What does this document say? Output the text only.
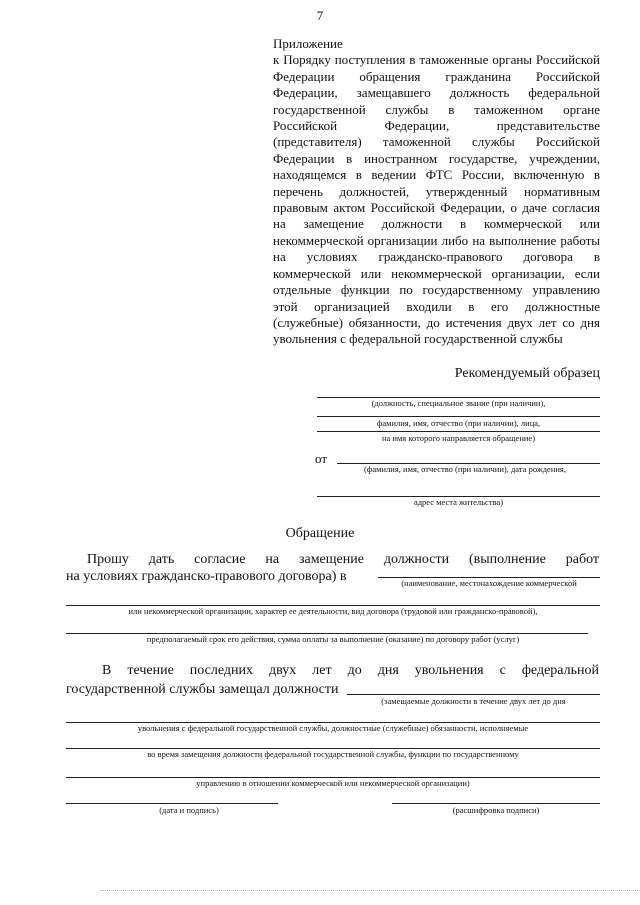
7
Приложение
к Порядку поступления в таможенные органы Российской Федерации обращения гражданина Российской Федерации, замещавшего должность федеральной государственной службы в таможенном органе Российской Федерации, представительстве (представителя) таможенной службы Российской Федерации в иностранном государстве, учреждении, находящемся в ведении ФТС России, включенную в перечень должностей, утвержденный нормативным правовым актом Российской Федерации, о даче согласия на замещение должности в коммерческой или некоммерческой организации либо на выполнение работы на условиях гражданско-правового договора в коммерческой или некоммерческой организации, если отдельные функции по государственному управлению этой организацией входили в его должностные (служебные) обязанности, до истечения двух лет со дня увольнения с федеральной государственной службы
Рекомендуемый образец
(должность, специальное звание (при наличии),
фамилия, имя, отчество (при наличии), лица,
на имя которого направляется обращение)
от
(фамилия, имя, отчество (при наличии), дата рождения,
адрес места жительства)
Обращение
Прошу дать согласие на замещение должности (выполнение работ
на условиях гражданско-правового договора) в	(наименование, местонахождение коммерческой
или некоммерческой организации, характер ее деятельности, вид договора (трудовой или гражданско-правовой),
предполагаемый срок его действия, сумма оплаты за выполнение (оказание) по договору работ (услуг)
В течение последних двух лет до дня увольнения с федеральной
государственной службы замещал должности
(замещаемые должности в течение двух лет до дня
увольнения с федеральной государственной службы, должностные (служебные) обязанности, исполняемые
во время замещения должности федеральной государственной службы, функции по государственному
управлению в отношении коммерческой или некоммерческой организации)
(дата и подпись)	(расшифровка подписи)
